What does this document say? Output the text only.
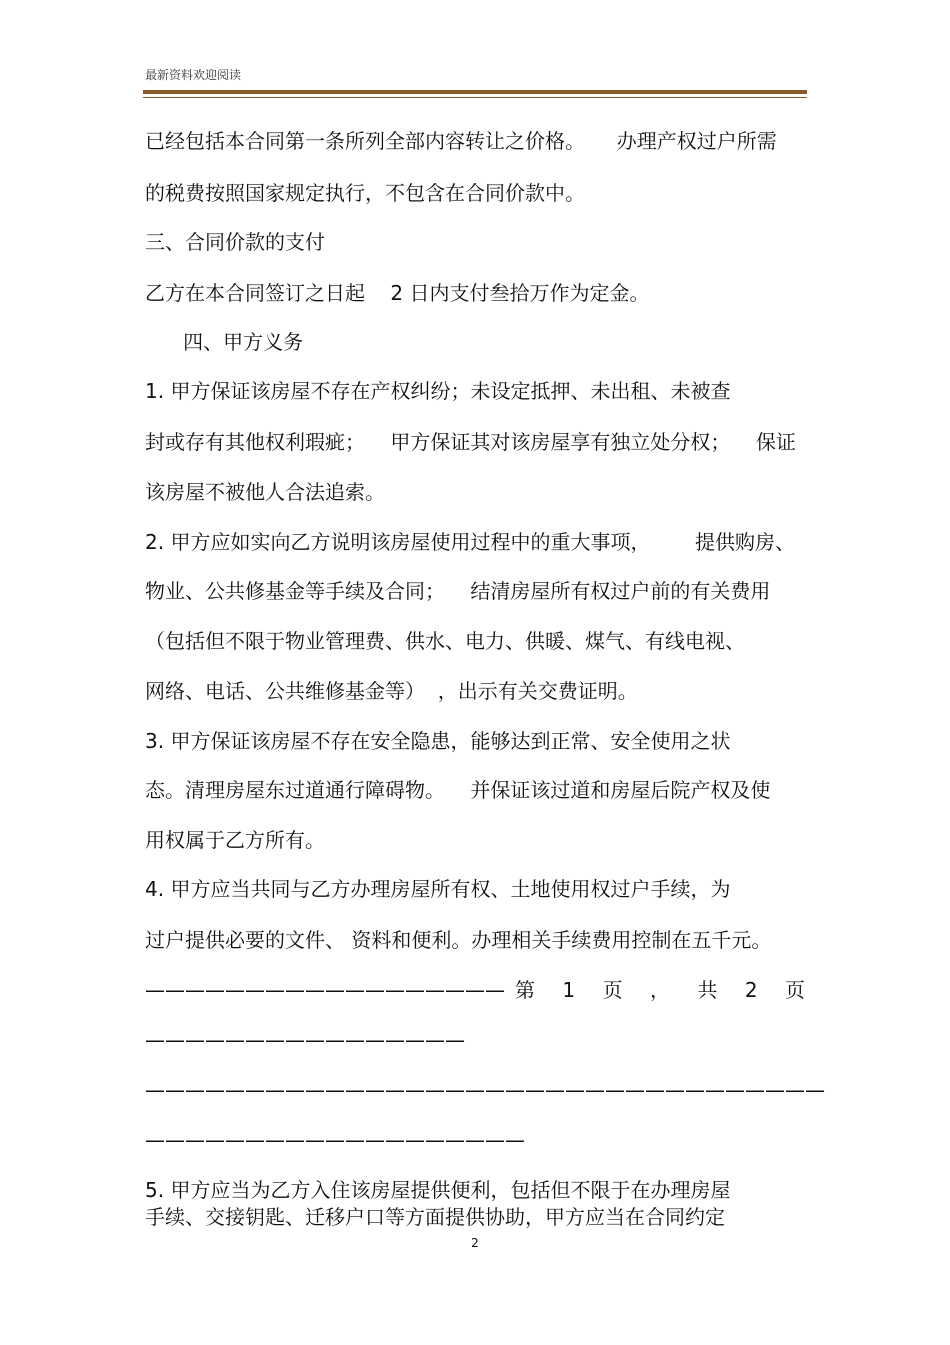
最新资料欢迎阅读
已经包括本合同第一条所列全部内容转让之价格。     办理产权过户所需
的税费按照国家规定执行，不包含在合同价款中。
三、合同价款的支付
乙方在本合同签订之日起    2 日内支付叁拾万作为定金。
四、甲方义务
1. 甲方保证该房屋不存在产权纠纷；未设定抵押、未出租、未被查
封或存有其他权利瑕疵；    甲方保证其对该房屋享有独立处分权；    保证
该房屋不被他人合法追索。
2. 甲方应如实向乙方说明该房屋使用过程中的重大事项，       提供购房、
物业、公共修基金等手续及合同；    结清房屋所有权过户前的有关费用
（包括但不限于物业管理费、供水、电力、供暖、煤气、有线电视、
网络、电话、公共维修基金等）  ，出示有关交费证明。
3. 甲方保证该房屋不存在安全隐患，能够达到正常、安全使用之状
态。清理房屋东过道通行障碍物。    并保证该过道和房屋后院产权及使
用权属于乙方所有。
4. 甲方应当共同与乙方办理房屋所有权、土地使用权过户手续，为
过户提供必要的文件、 资料和便利。办理相关手续费用控制在五千元。
—————————————————— 第 1 页 ， 共 2 页
————————————————
——————————————————————————————————
———————————————————
5. 甲方应当为乙方入住该房屋提供便利，包括但不限于在办理房屋
手续、交接钥匙、迁移户口等方面提供协助，甲方应当在合同约定
2
